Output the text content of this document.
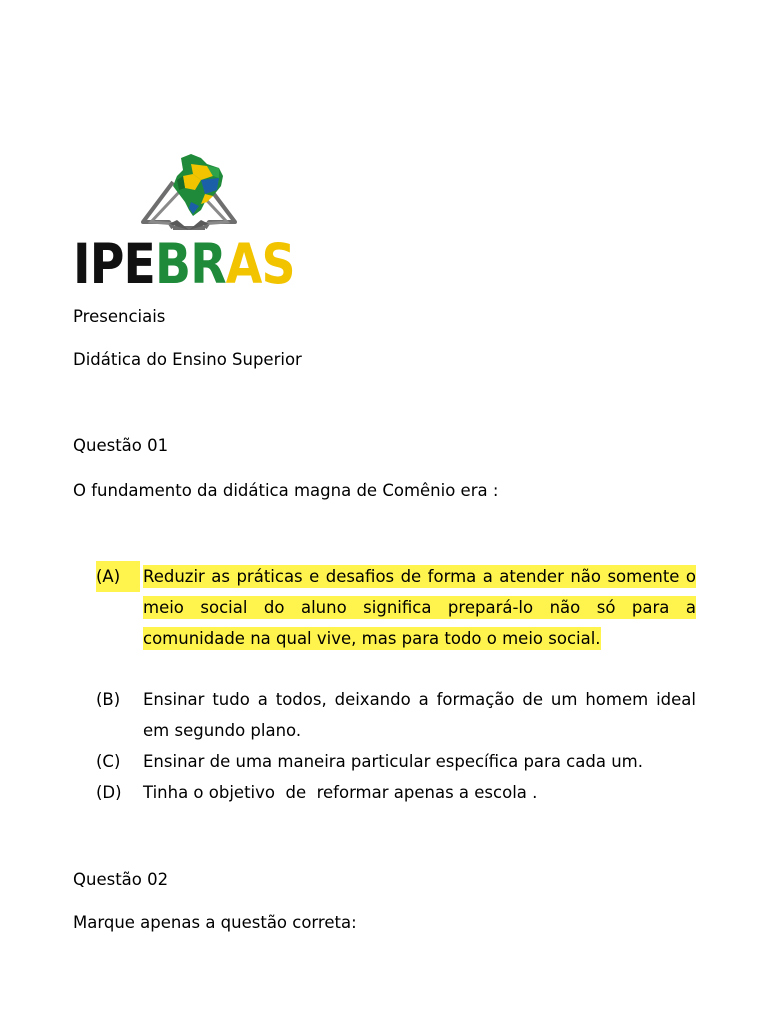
IPEBRAS
Presenciais
Didática do Ensino Superior
Questão 01
O fundamento da didática magna de Comênio era :
(A)	Reduzir as práticas e desafios de forma a atender não somente o meio social do aluno significa prepará-lo não só para a comunidade na qual vive, mas para todo o meio social.
(B) Ensinar tudo a todos, deixando a formação de um homem ideal em segundo plano.
(C) Ensinar de uma maneira particular específica para cada um.
(D) Tinha o objetivo  de  reformar apenas a escola .
Questão 02
Marque apenas a questão correta:
